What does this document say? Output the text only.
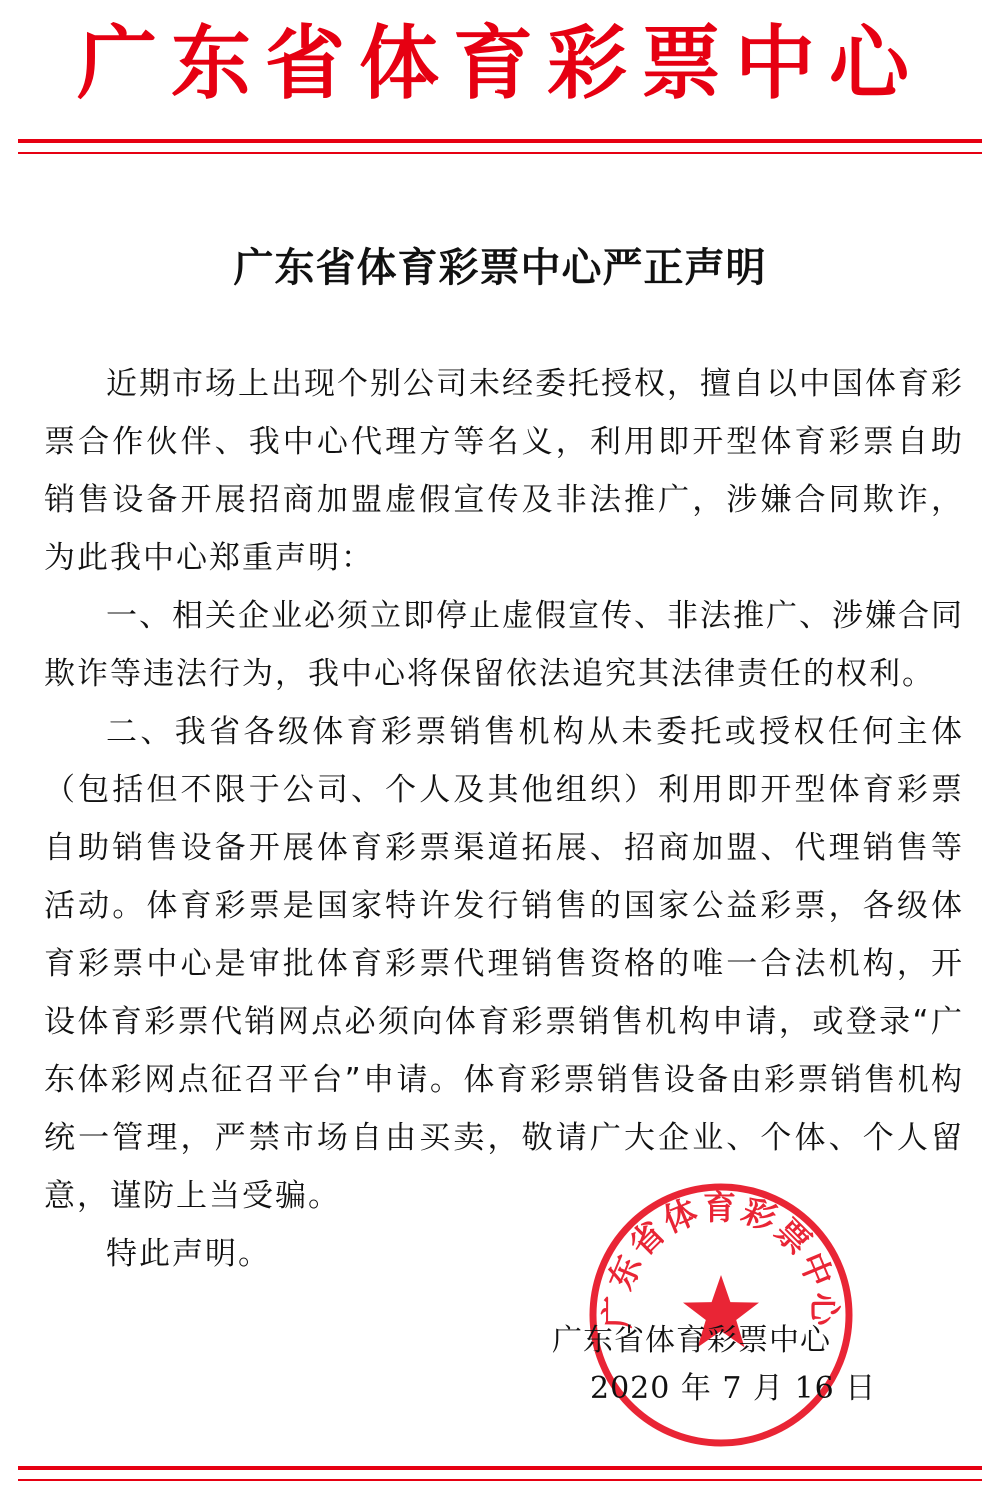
广东省体育彩票中心
广东省体育彩票中心严正声明

近期市场上出现个别公司未经委托授权，擅自以中国体育彩票合作伙伴、我中心代理方等名义，利用即开型体育彩票自助销售设备开展招商加盟虚假宣传及非法推广，涉嫌合同欺诈，为此我中心郑重声明：

一、相关企业必须立即停止虚假宣传、非法推广、涉嫌合同欺诈等违法行为，我中心将保留依法追究其法律责任的权利。

二、我省各级体育彩票销售机构从未委托或授权任何主体（包括但不限于公司、个人及其他组织）利用即开型体育彩票自助销售设备开展体育彩票渠道拓展、招商加盟、代理销售等活动。体育彩票是国家特许发行销售的国家公益彩票，各级体育彩票中心是审批体育彩票代理销售资格的唯一合法机构，开设体育彩票代销网点必须向体育彩票销售机构申请，或登录“广东体彩网点征召平台”申请。体育彩票销售设备由彩票销售机构统一管理，严禁市场自由买卖，敬请广大企业、个体、个人留意，谨防上当受骗。

特此声明。

广东省体育彩票中心
广东省体育彩票中心
2020 年 7 月 16 日
